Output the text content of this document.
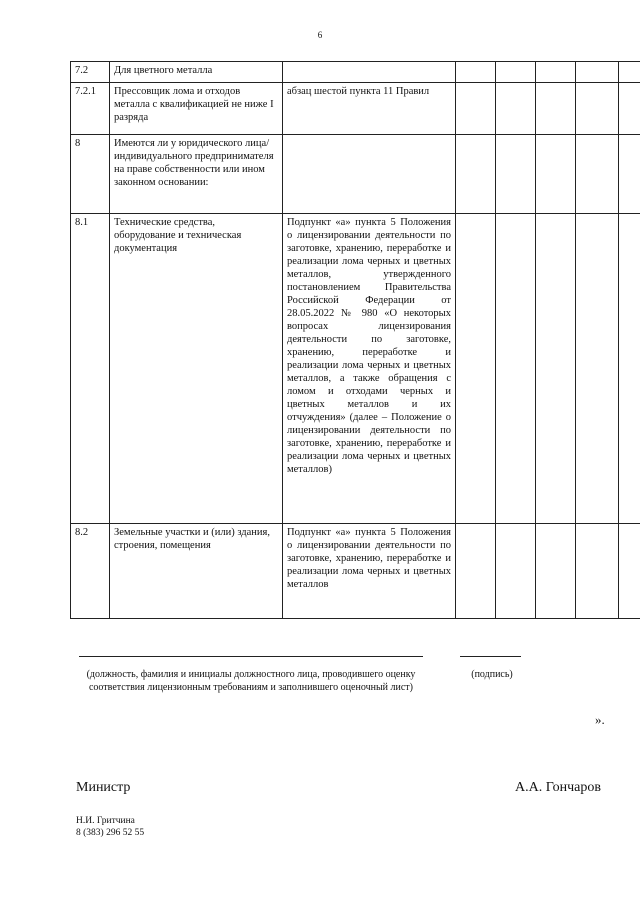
6
7.2	Для цветного металла						
7.2.1	Прессовщик лома и отходов металла с квалификацией не ниже I разряда	абзац шестой пункта 11 Правил					
8	Имеются ли у юридического лица/индивидуального предпринимателя на праве собственности или ином законном основании:						
8.1	Технические средства, оборудование и техническая документация	Подпункт «а» пункта 5 Положения о лицензировании деятельности по заготовке, хранению, переработке и реализации лома черных и цветных металлов, утвержденного постановлением Правительства Российской Федерации от 28.05.2022 № 980 «О некоторых вопросах лицензирования деятельности по заготовке, хранению, переработке и реализации лома черных и цветных металлов, а также обращения с ломом и отходами черных и цветных металлов и их отчуждения» (далее – Положение о лицензировании деятельности по заготовке, хранению, переработке и реализации лома черных и цветных металлов)					
8.2	Земельные участки и (или) здания, строения, помещения	Подпункт «а» пункта 5 Положения о лицензировании деятельности по заготовке, хранению, переработке и реализации лома черных и цветных металлов					
(должность, фамилия и инициалы должностного лица, проводившего оценку соответствия лицензионным требованиям и заполнившего оценочный лист)
(подпись)
».
Министр	А.А. Гончаров
Н.И. Гритчина
8 (383) 296 52 55
